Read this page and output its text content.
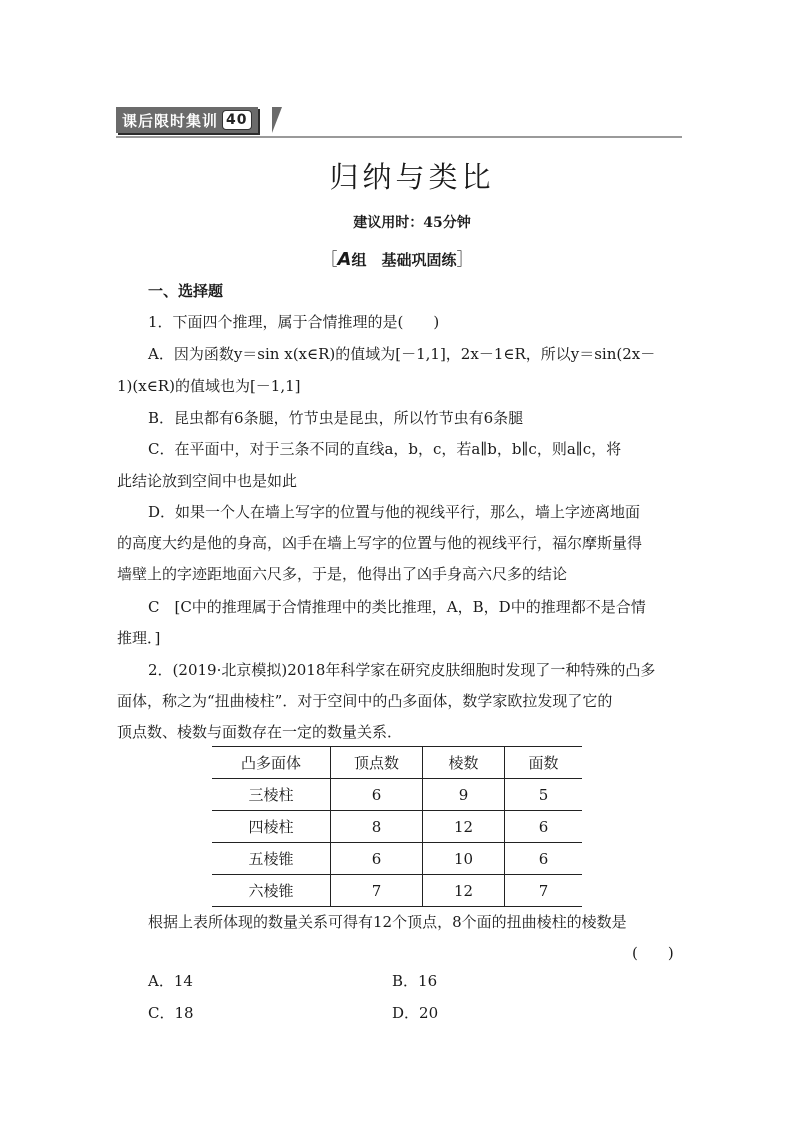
课后限时集训 40
归纳与类比
建议用时：45分钟
［A组　基础巩固练］
一、选择题
1．下面四个推理，属于合情推理的是(　　)
A．因为函数y＝sin x(x∈R)的值域为[－1,1]，2x－1∈R，所以y＝sin(2x－
1)(x∈R)的值域也为[－1,1]
B．昆虫都有6条腿，竹节虫是昆虫，所以竹节虫有6条腿
C．在平面中，对于三条不同的直线a，b，c，若a∥b，b∥c，则a∥c，将
此结论放到空间中也是如此
D．如果一个人在墙上写字的位置与他的视线平行，那么，墙上字迹离地面
的高度大约是他的身高，凶手在墙上写字的位置与他的视线平行，福尔摩斯量得
墙壁上的字迹距地面六尺多，于是，他得出了凶手身高六尺多的结论
C　[C中的推理属于合情推理中的类比推理，A，B，D中的推理都不是合情
推理．]
2．(2019·北京模拟)2018年科学家在研究皮肤细胞时发现了一种特殊的凸多
面体，称之为“扭曲棱柱”．对于空间中的凸多面体，数学家欧拉发现了它的
顶点数、棱数与面数存在一定的数量关系．
凸多面体	顶点数	棱数	面数
三棱柱	6	9	5
四棱柱	8	12	6
五棱锥	6	10	6
六棱锥	7	12	7
根据上表所体现的数量关系可得有12个顶点，8个面的扭曲棱柱的棱数是
(　　)
A．14	B．16
C．18	D．20
